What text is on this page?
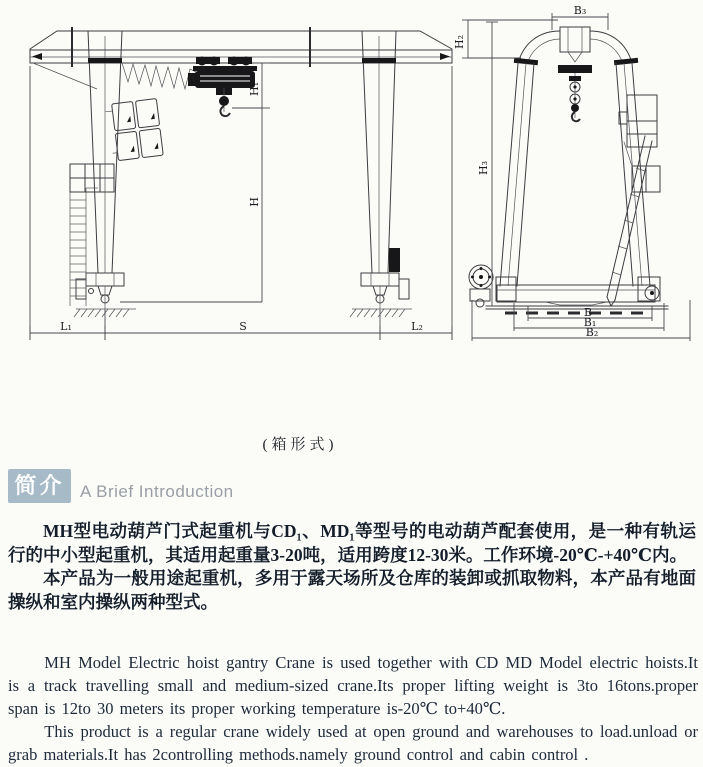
H₁
H
L₁	S	L₂
B₃
H₂
H₃
B
B₁
B₂
(箱形式)
简介 A Brief Introduction

MH型电动葫芦门式起重机与CD₁、MD₁等型号的电动葫芦配套使用，是一种有轨运行的中小型起重机，其适用起重量3-20吨，适用跨度12-30米。工作环境-20℃-+40℃内。

本产品为一般用途起重机，多用于露天场所及仓库的装卸或抓取物料，本产品有地面操纵和室内操纵两种型式。

MH Model Electric hoist gantry Crane is used together with CD MD Model electric hoists.It is a track travelling small and medium-sized crane.Its proper lifting weight is 3to 16tons.proper span is 12to 30 meters its proper working temperature is-20℃ to+40℃.

This product is a regular crane widely used at open ground and warehouses to load.unload or grab materials.It has 2controlling methods.namely ground control and cabin control .
